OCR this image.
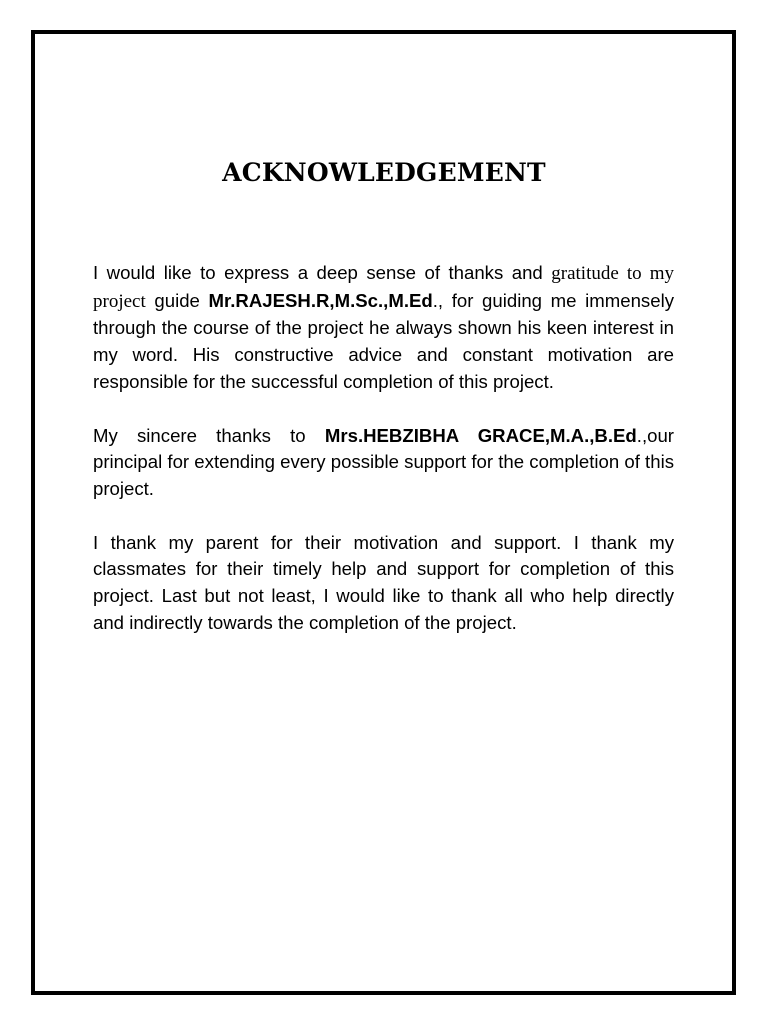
ACKNOWLEDGEMENT

I would like to express a deep sense of thanks and gratitude to my project guide Mr.RAJESH.R,M.Sc.,M.Ed., for guiding me immensely through the course of the project he always shown his keen interest in my word. His constructive advice and constant motivation are responsible for the successful completion of this project.

My sincere thanks to Mrs.HEBZIBHA GRACE,M.A.,B.Ed.,our principal for extending every possible support for the completion of this project.

I thank my parent for their motivation and support. I thank my classmates for their timely help and support for completion of this project. Last but not least, I would like to thank all who help directly and indirectly towards the completion of the project.
